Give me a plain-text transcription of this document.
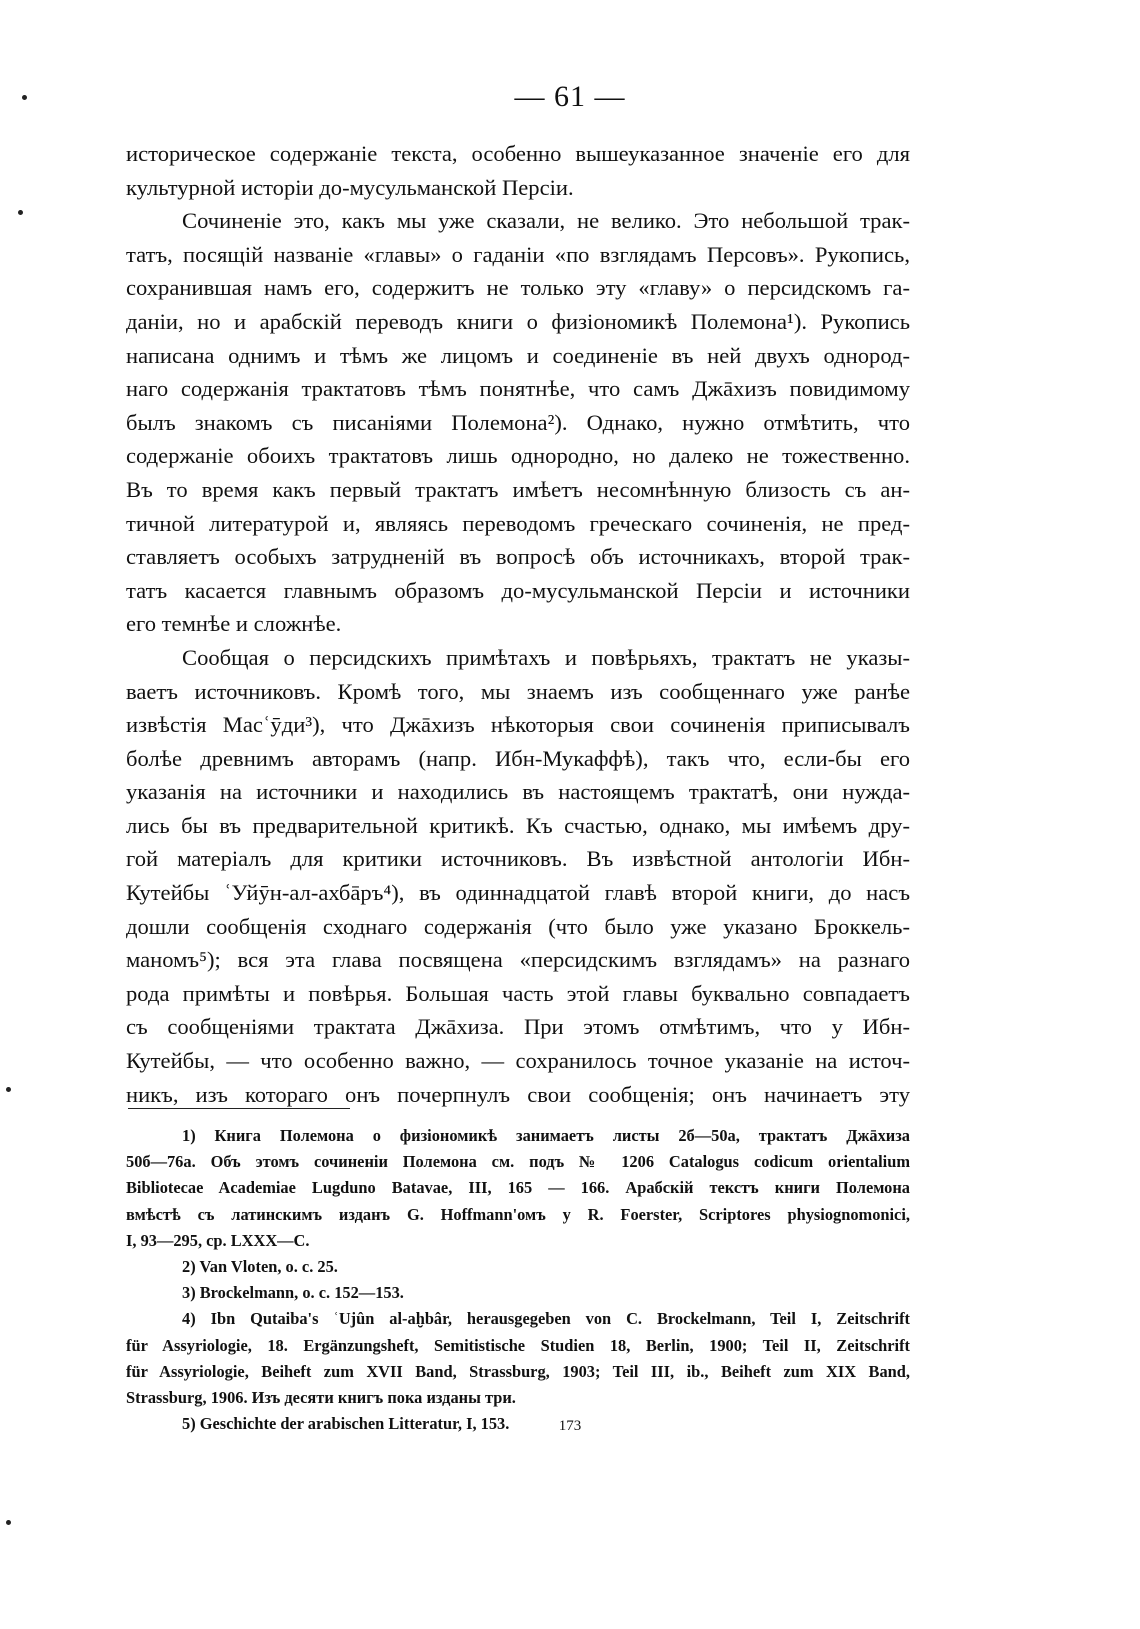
— 61 —
историческое содержаніе текста, особенно вышеуказанное значеніе его для
культурной исторіи до-мусульманской Персіи.
Сочиненіе это, какъ мы уже сказали, не велико. Это небольшой трак-
татъ, посящій названіе «главы» о гаданіи «по взглядамъ Персовъ». Рукопись,
сохранившая намъ его, содержитъ не только эту «главу» о персидскомъ га-
даніи, но и арабскій переводъ книги о физіономикѣ Полемона¹). Рукопись
написана однимъ и тѣмъ же лицомъ и соединеніе въ ней двухъ однород-
наго содержанія трактатовъ тѣмъ понятнѣе, что самъ Джāхизъ повидимому
былъ знакомъ съ писаніями Полемона²). Однако, нужно отмѣтить, что
содержаніе обоихъ трактатовъ лишь однородно, но далеко не тожественно.
Въ то время какъ первый трактатъ имѣетъ несомнѣнную близость съ ан-
тичной литературой и, являясь переводомъ греческаго сочиненія, не пред-
ставляетъ особыхъ затрудненій въ вопросѣ объ источникахъ, второй трак-
татъ касается главнымъ образомъ до-мусульманской Персіи и источники
его темнѣе и сложнѣе.
Сообщая о персидскихъ примѣтахъ и повѣрьяхъ, трактатъ не указы-
ваетъ источниковъ. Кромѣ того, мы знаемъ изъ сообщеннаго уже ранѣе
извѣстія Масʿӯди³), что Джāхизъ нѣкоторыя свои сочиненія приписывалъ
болѣе древнимъ авторамъ (напр. Ибн-Мукаффѣ), такъ что, если-бы его
указанія на источники и находились въ настоящемъ трактатѣ, они нужда-
лись бы въ предварительной критикѣ. Къ счастью, однако, мы имѣемъ дру-
гой матеріалъ для критики источниковъ. Въ извѣстной антологіи Ибн-
Кутейбы ʿУйӯн-ал-ахбāръ⁴), въ одиннадцатой главѣ второй книги, до насъ
дошли сообщенія сходнаго содержанія (что было уже указано Броккель-
маномъ⁵); вся эта глава посвящена «персидскимъ взглядамъ» на разнаго
рода примѣты и повѣрья. Большая часть этой главы буквально совпадаетъ
съ сообщеніями трактата Джāхиза. При этомъ отмѣтимъ, что у Ибн-
Кутейбы, — что особенно важно, — сохранилось точное указаніе на источ-
никъ, изъ котораго онъ почерпнулъ свои сообщенія; онъ начинаетъ эту
1) Книга Полемона о физіономикѣ занимаетъ листы 2б—50а, трактатъ Джāхиза
50б—76а. Объ этомъ сочиненіи Полемона см. подъ № 1206 Catalogus codicum orientalium
Bibliotecae Academiae Lugduno Batavae, III, 165 — 166. Арабскій текстъ книги Полемона
вмѣстѣ съ латинскимъ изданъ G. Hoffmann'омъ у R. Foerster, Scriptores physiognomonici,
I, 93—295, ср. LXXX—C.
2) Van Vloten, o. c. 25.
3) Brockelmann, o. c. 152—153.
4) Ibn Qutaiba's ʿUjûn al-aḫbâr, herausgegeben von C. Brockelmann, Teil I, Zeitschrift
für Assyriologie, 18. Ergänzungsheft, Semitistische Studien 18, Berlin, 1900; Teil II, Zeitschrift
für Assyriologie, Beiheft zum XVII Band, Strassburg, 1903; Teil III, ib., Beiheft zum XIX Band,
Strassburg, 1906. Изъ десяти книгъ пока изданы три.
5) Geschichte der arabischen Litteratur, I, 153.	173
